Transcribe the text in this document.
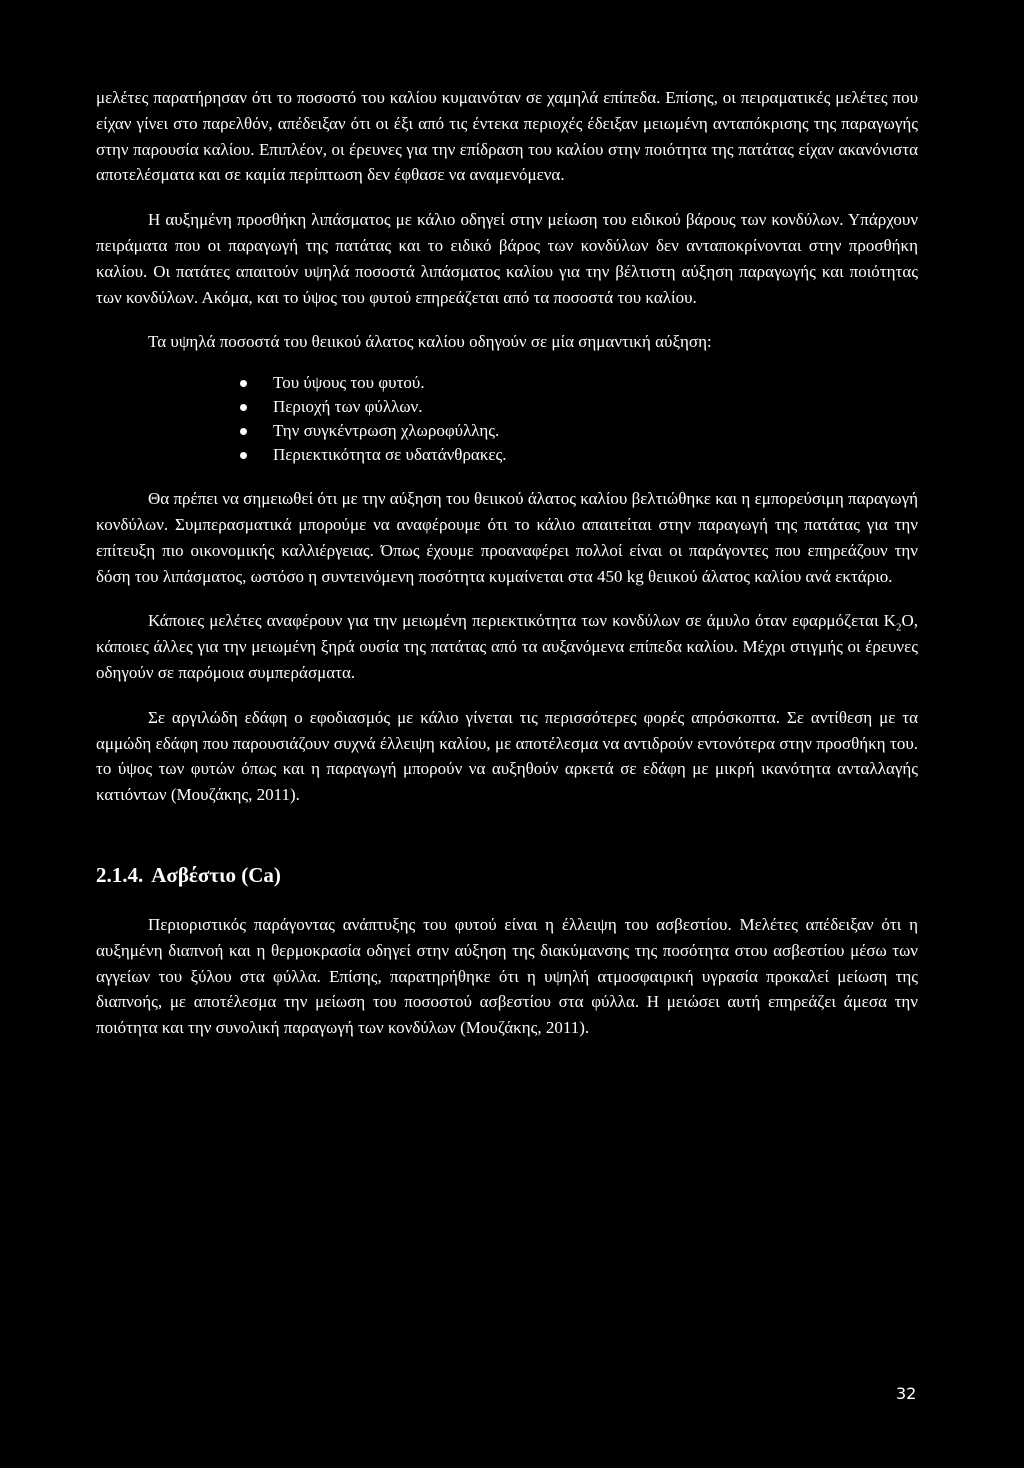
μελέτες παρατήρησαν ότι το ποσοστό του καλίου κυμαινόταν σε χαμηλά επίπεδα. Επίσης, οι πειραματικές μελέτες που είχαν γίνει στο παρελθόν, απέδειξαν ότι οι έξι από τις έντεκα περιοχές έδειξαν μειωμένη ανταπόκρισης της παραγωγής στην παρουσία καλίου. Επιπλέον, οι έρευνες για την επίδραση του καλίου στην ποιότητα της πατάτας είχαν ακανόνιστα αποτελέσματα και σε καμία περίπτωση δεν έφθασε να αναμενόμενα.

Η αυξημένη προσθήκη λιπάσματος με κάλιο οδηγεί στην μείωση του ειδικού βάρους των κονδύλων. Υπάρχουν πειράματα που οι παραγωγή της πατάτας και το ειδικό βάρος των κονδύλων δεν ανταποκρίνονται στην προσθήκη καλίου. Οι πατάτες απαιτούν υψηλά ποσοστά λιπάσματος καλίου για την βέλτιστη αύξηση παραγωγής και ποιότητας των κονδύλων. Ακόμα, και το ύψος του φυτού επηρεάζεται από τα ποσοστά του καλίου.

Τα υψηλά ποσοστά του θειικού άλατος καλίου οδηγούν σε μία σημαντική αύξηση:

Του ύψους του φυτού.
Περιοχή των φύλλων.
Την συγκέντρωση χλωροφύλλης.
Περιεκτικότητα σε υδατάνθρακες.

Θα πρέπει να σημειωθεί ότι με την αύξηση του θειικού άλατος καλίου βελτιώθηκε και η εμπορεύσιμη παραγωγή κονδύλων. Συμπερασματικά μπορούμε να αναφέρουμε ότι το κάλιο απαιτείται στην παραγωγή της πατάτας για την επίτευξη πιο οικονομικής καλλιέργειας. Όπως έχουμε προαναφέρει πολλοί είναι οι παράγοντες που επηρεάζουν την δόση του λιπάσματος, ωστόσο η συντεινόμενη ποσότητα κυμαίνεται στα 450 kg θειικού άλατος καλίου ανά εκτάριο.

Κάποιες μελέτες αναφέρουν για την μειωμένη περιεκτικότητα των κονδύλων σε άμυλο όταν εφαρμόζεται $K_2O$, κάποιες άλλες για την μειωμένη ξηρά ουσία της πατάτας από τα αυξανόμενα επίπεδα καλίου. Μέχρι στιγμής οι έρευνες οδηγούν σε παρόμοια συμπεράσματα.

Σε αργιλώδη εδάφη ο εφοδιασμός με κάλιο γίνεται τις περισσότερες φορές απρόσκοπτα. Σε αντίθεση με τα αμμώδη εδάφη που παρουσιάζουν συχνά έλλειψη καλίου, με αποτέλεσμα να αντιδρούν εντονότερα στην προσθήκη του. το ύψος των φυτών όπως και η παραγωγή μπορούν να αυξηθούν αρκετά σε εδάφη με μικρή ικανότητα ανταλλαγής κατιόντων (Μουζάκης, 2011).

2.1.4. Ασβέστιο (Ca)

Περιοριστικός παράγοντας ανάπτυξης του φυτού είναι η έλλειψη του ασβεστίου. Μελέτες απέδειξαν ότι η αυξημένη διαπνοή και η θερμοκρασία οδηγεί στην αύξηση της διακύμανσης της ποσότητα στου ασβεστίου μέσω των αγγείων του ξύλου στα φύλλα. Επίσης, παρατηρήθηκε ότι η υψηλή ατμοσφαιρική υγρασία προκαλεί μείωση της διαπνοής, με αποτέλεσμα την μείωση του ποσοστού ασβεστίου στα φύλλα. Η μειώσει αυτή επηρεάζει άμεσα την ποιότητα και την συνολική παραγωγή των κονδύλων (Μουζάκης, 2011).

32
